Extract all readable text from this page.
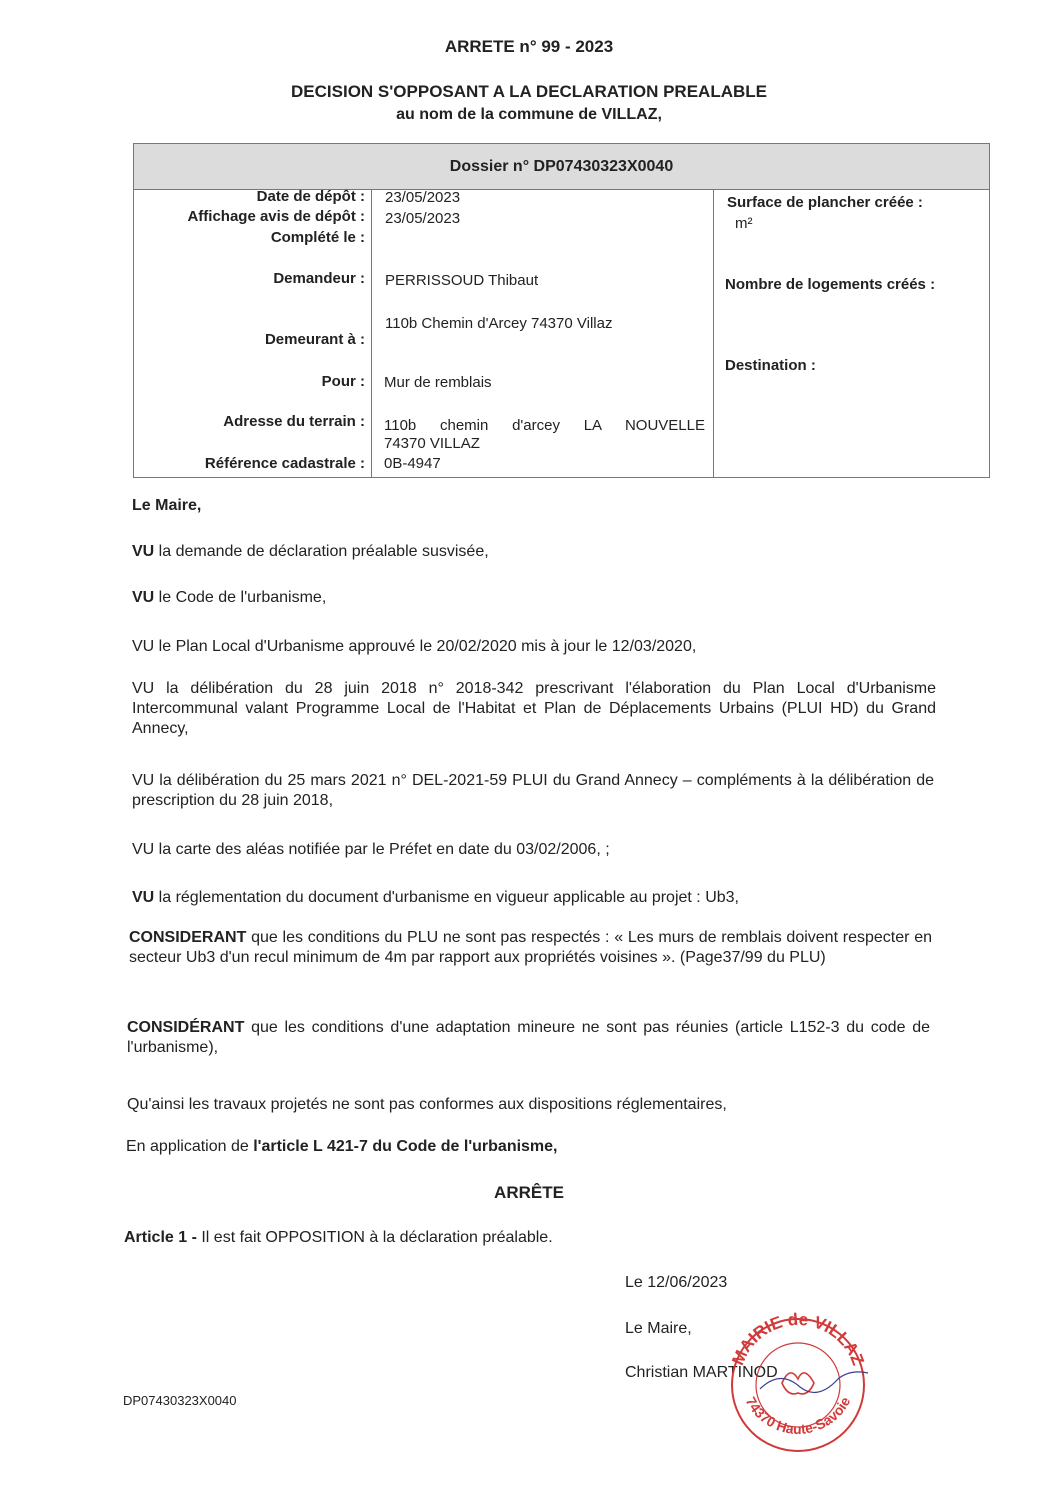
ARRETE n° 99 - 2023
DECISION S'OPPOSANT A LA DECLARATION PREALABLE
au nom de la commune de VILLAZ,
Dossier n° DP07430323X0040
Date de dépôt :
Affichage avis de dépôt :
Complété le :
Demandeur :
Demeurant à :
Pour :
Adresse du terrain :
Référence cadastrale :
23/05/2023
23/05/2023
PERRISSOUD Thibaut
110b Chemin d'Arcey 74370 Villaz
Mur de remblais
110b chemin d'arcey LA NOUVELLE
74370 VILLAZ
0B-4947
Surface de plancher créée :
m²
Nombre de logements créés :
Destination :
Le Maire,
VU la demande de déclaration préalable susvisée,
VU le Code de l'urbanisme,
VU le Plan Local d'Urbanisme approuvé le 20/02/2020 mis à jour le 12/03/2020,
VU la délibération du 28 juin 2018 n° 2018-342 prescrivant l'élaboration du Plan Local d'Urbanisme Intercommunal valant Programme Local de l'Habitat et Plan de Déplacements Urbains (PLUI HD) du Grand Annecy,
VU la délibération du 25 mars 2021 n° DEL-2021-59 PLUI du Grand Annecy – compléments à la délibération de prescription du 28 juin 2018,
VU la carte des aléas notifiée par le Préfet en date du 03/02/2006, ;
VU la réglementation du document d'urbanisme en vigueur applicable au projet : Ub3,
CONSIDERANT que les conditions du PLU ne sont pas respectés : « Les murs de remblais doivent respecter en secteur Ub3 d'un recul minimum de 4m par rapport aux propriétés voisines ». (Page37/99 du PLU)
CONSIDÉRANT que les conditions d'une adaptation mineure ne sont pas réunies (article L152-3 du code de l'urbanisme),
Qu'ainsi les travaux projetés ne sont pas conformes aux dispositions réglementaires,
En application de l'article L 421-7 du Code de l'urbanisme,
ARRÊTE
Article 1 - Il est fait OPPOSITION à la déclaration préalable.
Le 12/06/2023
Le Maire,
Christian MARTINOD
MAIRIE de VILLAZ
74370 Haute-Savoie
DP07430323X0040
